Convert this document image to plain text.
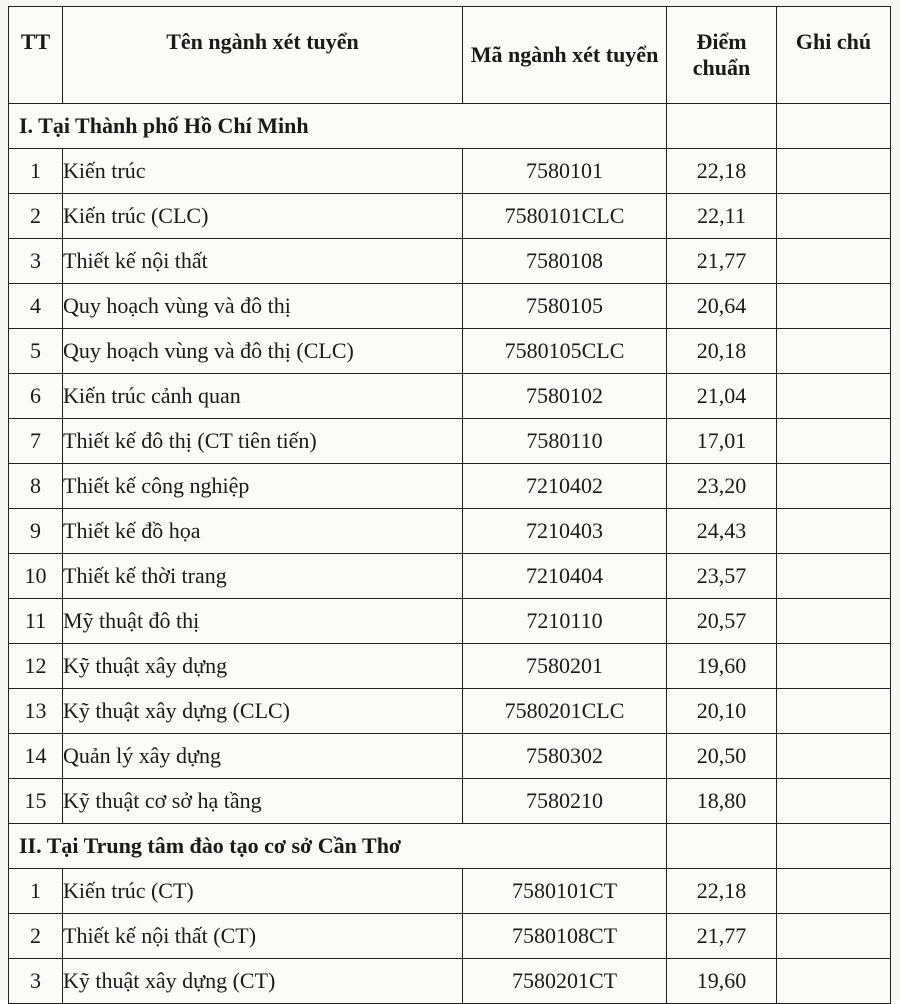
TT	Tên ngành xét tuyển	Mã ngành xét tuyển	Điểm chuẩn	Ghi chú
I. Tại Thành phố Hồ Chí Minh				
1	Kiến trúc	7580101	22,18	
2	Kiến trúc (CLC)	7580101CLC	22,11	
3	Thiết kế nội thất	7580108	21,77	
4	Quy hoạch vùng và đô thị	7580105	20,64	
5	Quy hoạch vùng và đô thị (CLC)	7580105CLC	20,18	
6	Kiến trúc cảnh quan	7580102	21,04	
7	Thiết kế đô thị (CT tiên tiến)	7580110	17,01	
8	Thiết kế công nghiệp	7210402	23,20	
9	Thiết kế đồ họa	7210403	24,43	
10	Thiết kế thời trang	7210404	23,57	
11	Mỹ thuật đô thị	7210110	20,57	
12	Kỹ thuật xây dựng	7580201	19,60	
13	Kỹ thuật xây dựng (CLC)	7580201CLC	20,10	
14	Quản lý xây dựng	7580302	20,50	
15	Kỹ thuật cơ sở hạ tầng	7580210	18,80	
II. Tại Trung tâm đào tạo cơ sở Cần Thơ				
1	Kiến trúc (CT)	7580101CT	22,18	
2	Thiết kế nội thất (CT)	7580108CT	21,77	
3	Kỹ thuật xây dựng (CT)	7580201CT	19,60	
